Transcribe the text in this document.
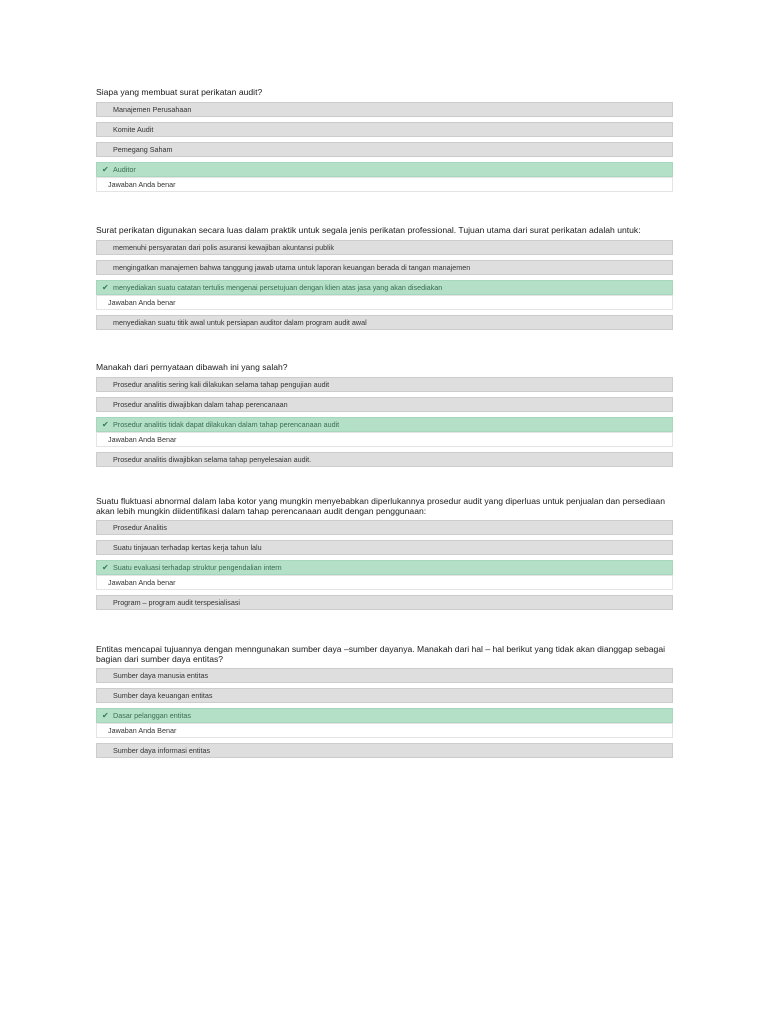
Siapa yang membuat surat perikatan audit?

Manajemen Perusahaan
Komite Audit
Pemegang Saham
✔ Auditor
Jawaban Anda benar

Surat perikatan digunakan secara luas dalam praktik untuk segala jenis perikatan professional. Tujuan utama dari surat perikatan adalah untuk:

memenuhi persyaratan dari polis asuransi kewajiban akuntansi publik
mengingatkan manajemen bahwa tanggung jawab utama untuk laporan keuangan berada di tangan manajemen
✔ menyediakan suatu catatan tertulis mengenai persetujuan dengan klien atas jasa yang akan disediakan
Jawaban Anda benar
menyediakan suatu titik awal untuk persiapan auditor dalam program audit awal

Manakah dari pernyataan dibawah ini yang salah?

Prosedur analitis sering kali dilakukan selama tahap pengujian audit
Prosedur analitis diwajibkan dalam tahap perencanaan
✔ Prosedur analitis tidak dapat dilakukan dalam tahap perencanaan audit
Jawaban Anda Benar
Prosedur analitis diwajibkan selama tahap penyelesaian audit.

Suatu fluktuasi abnormal dalam laba kotor yang mungkin menyebabkan diperlukannya prosedur audit yang diperluas untuk penjualan dan persediaan akan lebih mungkin diidentifikasi dalam tahap perencanaan audit dengan penggunaan:

Prosedur Analitis
Suatu tinjauan terhadap kertas kerja tahun lalu
✔ Suatu evaluasi terhadap struktur pengendalian intern
Jawaban Anda benar
Program – program audit terspesialisasi

Entitas mencapai tujuannya dengan menngunakan sumber daya –sumber dayanya. Manakah dari hal – hal berikut yang tidak akan dianggap sebagai bagian dari sumber daya entitas?

Sumber daya manusia entitas
Sumber daya keuangan entitas
✔ Dasar pelanggan entitas
Jawaban Anda Benar
Sumber daya informasi entitas
